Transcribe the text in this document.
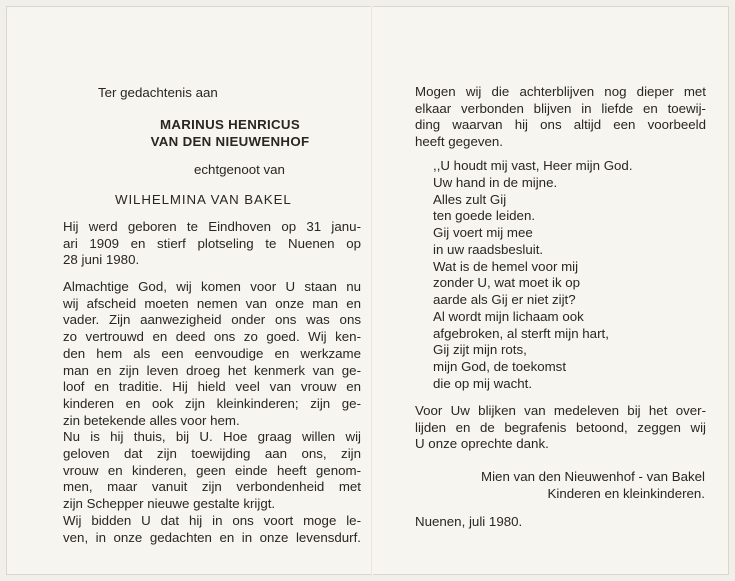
Ter gedachtenis aan

MARINUS HENRICUS

VAN DEN NIEUWENHOF

echtgenoot van

WILHELMINA VAN BAKEL

Hij werd geboren te Eindhoven op 31 janu-
ari 1909 en stierf plotseling te Nuenen op
28 juni 1980.
Almachtige God, wij komen voor U staan nu
wij afscheid moeten nemen van onze man en
vader. Zijn aanwezigheid onder ons was ons
zo vertrouwd en deed ons zo goed. Wij ken-
den hem als een eenvoudige en werkzame
man en zijn leven droeg het kenmerk van ge-
loof en traditie. Hij hield veel van vrouw en
kinderen en ook zijn kleinkinderen; zijn ge-
zin betekende alles voor hem.
Nu is hij thuis, bij U. Hoe graag willen wij
geloven dat zijn toewijding aan ons, zijn
vrouw en kinderen, geen einde heeft genom-
men, maar vanuit zijn verbondenheid met
zijn Schepper nieuwe gestalte krijgt.
Wij bidden U dat hij in ons voort moge le-
ven, in onze gedachten en in onze levensdurf.
Mogen wij die achterblijven nog dieper met
elkaar verbonden blijven in liefde en toewij-
ding waarvan hij ons altijd een voorbeeld
heeft gegeven.
,,U houdt mij vast, Heer mijn God.
Uw hand in de mijne.
Alles zult Gij
ten goede leiden.
Gij voert mij mee
in uw raadsbesluit.
Wat is de hemel voor mij
zonder U, wat moet ik op
aarde als Gij er niet zijt?
Al wordt mijn lichaam ook
afgebroken, al sterft mijn hart,
Gij zijt mijn rots,
mijn God, de toekomst
die op mij wacht.
Voor Uw blijken van medeleven bij het over-
lijden en de begrafenis betoond, zeggen wij
U onze oprechte dank.

Mien van den Nieuwenhof - van Bakel

Kinderen en kleinkinderen.

Nuenen, juli 1980.
